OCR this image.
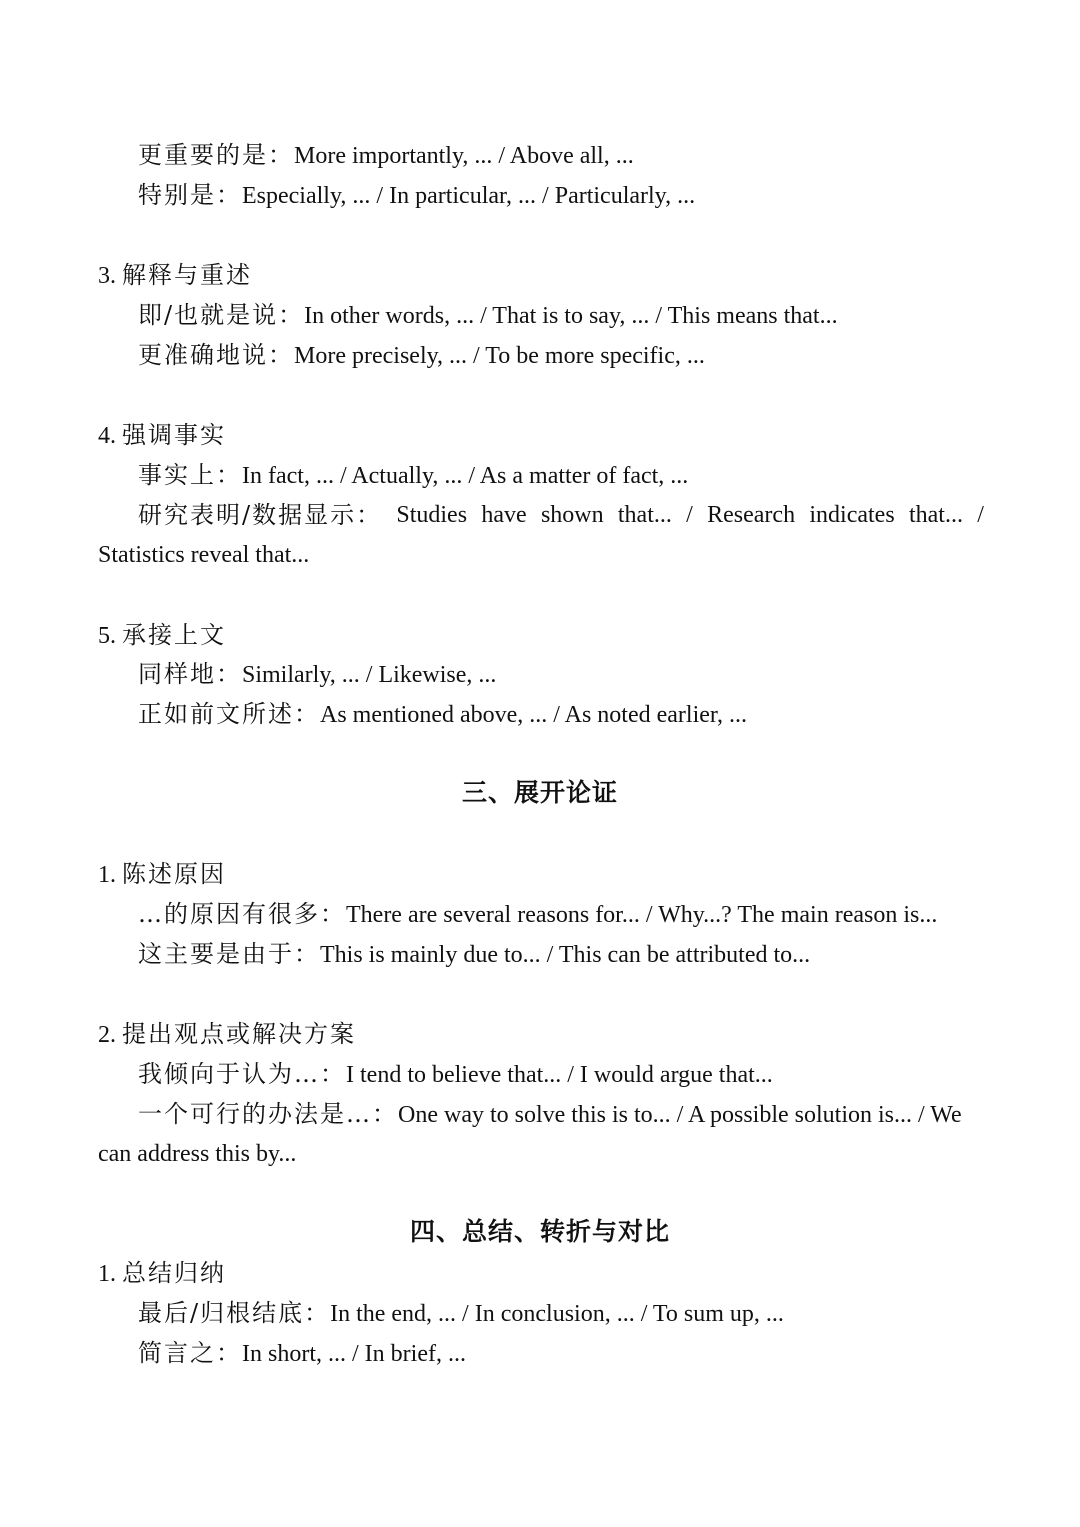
更重要的是：More importantly, ... / Above all, ...
特别是：Especially, ... / In particular, ... / Particularly, ...
3. 解释与重述
即/也就是说：In other words, ... / That is to say, ... / This means that...
更准确地说：More precisely, ... / To be more specific, ...
4. 强调事实
事实上：In fact, ... / Actually, ... / As a matter of fact, ...
研究表明/数据显示： Studies have shown that... / Research indicates that... /
Statistics reveal that...
5. 承接上文
同样地：Similarly, ... / Likewise, ...
正如前文所述：As mentioned above, ... / As noted earlier, ...
三、展开论证
1. 陈述原因
…的原因有很多：There are several reasons for... / Why...? The main reason is...
这主要是由于：This is mainly due to... / This can be attributed to...
2. 提出观点或解决方案
我倾向于认为…：I tend to believe that... / I would argue that...
一个可行的办法是…：One way to solve this is to... / A possible solution is... / We
can address this by...
四、总结、转折与对比
1. 总结归纳
最后/归根结底：In the end, ... / In conclusion, ... / To sum up, ...
简言之：In short, ... / In brief, ...
